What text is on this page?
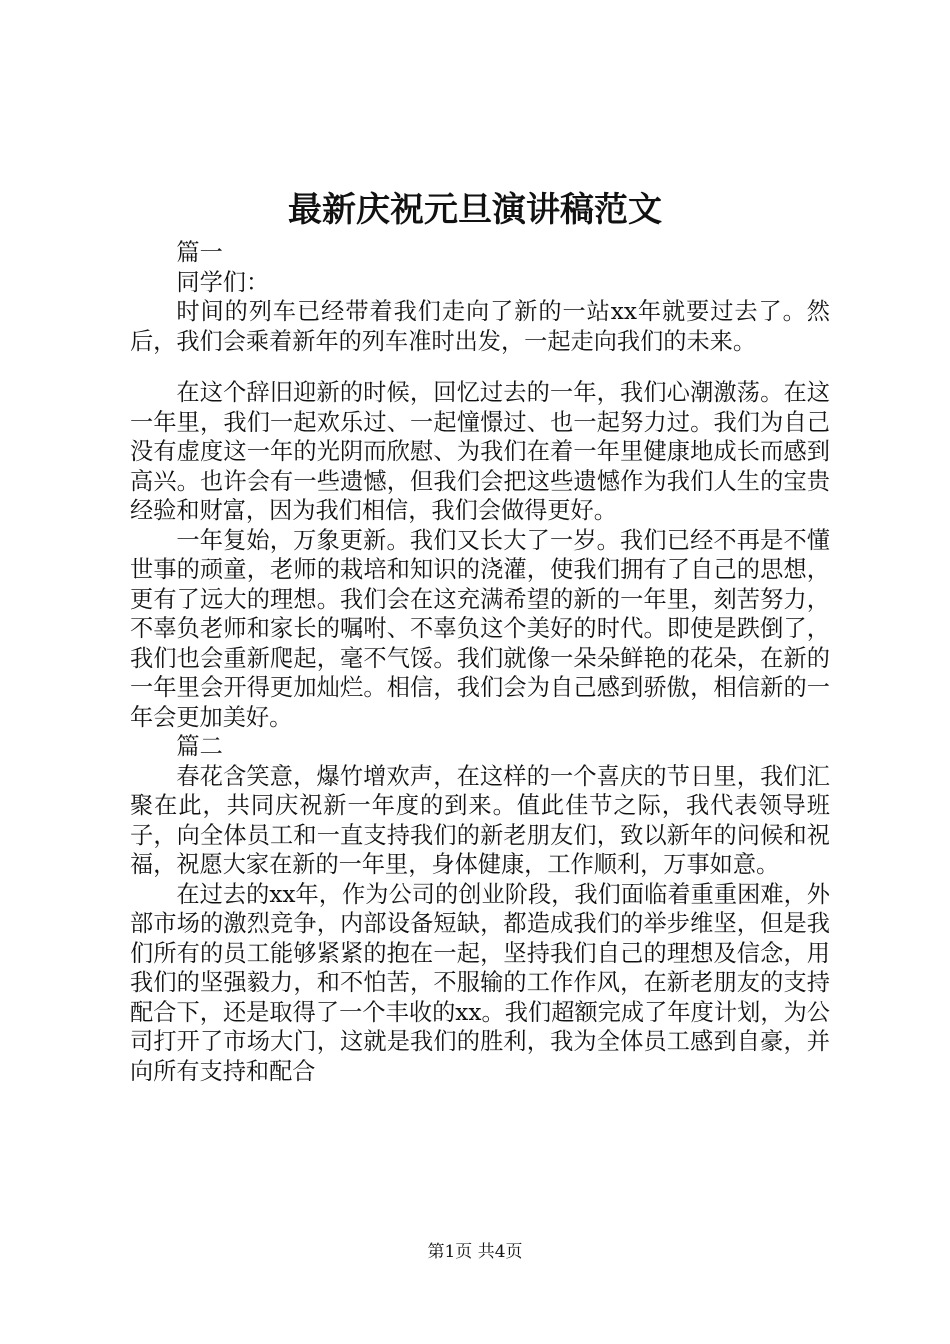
最新庆祝元旦演讲稿范文

篇一

同学们：

时间的列车已经带着我们走向了新的一站xx年就要过去了。然后，我们会乘着新年的列车准时出发，一起走向我们的未来。

在这个辞旧迎新的时候，回忆过去的一年，我们心潮激荡。在这一年里，我们一起欢乐过、一起憧憬过、也一起努力过。我们为自己没有虚度这一年的光阴而欣慰、为我们在着一年里健康地成长而感到高兴。也许会有一些遗憾，但我们会把这些遗憾作为我们人生的宝贵经验和财富，因为我们相信，我们会做得更好。

一年复始，万象更新。我们又长大了一岁。我们已经不再是不懂世事的顽童，老师的栽培和知识的浇灌，使我们拥有了自己的思想，更有了远大的理想。我们会在这充满希望的新的一年里，刻苦努力，不辜负老师和家长的嘱咐、不辜负这个美好的时代。即使是跌倒了，我们也会重新爬起，毫不气馁。我们就像一朵朵鲜艳的花朵，在新的一年里会开得更加灿烂。相信，我们会为自己感到骄傲，相信新的一年会更加美好。

篇二

春花含笑意，爆竹增欢声，在这样的一个喜庆的节日里，我们汇聚在此，共同庆祝新一年度的到来。值此佳节之际，我代表领导班子，向全体员工和一直支持我们的新老朋友们，致以新年的问候和祝福，祝愿大家在新的一年里，身体健康，工作顺利，万事如意。

在过去的xx年，作为公司的创业阶段，我们面临着重重困难，外部市场的激烈竞争，内部设备短缺，都造成我们的举步维坚，但是我们所有的员工能够紧紧的抱在一起，坚持我们自己的理想及信念，用我们的坚强毅力，和不怕苦，不服输的工作作风，在新老朋友的支持配合下，还是取得了一个丰收的xx。我们超额完成了年度计划，为公司打开了市场大门，这就是我们的胜利，我为全体员工感到自豪，并向所有支持和配合

第1页 共4页
